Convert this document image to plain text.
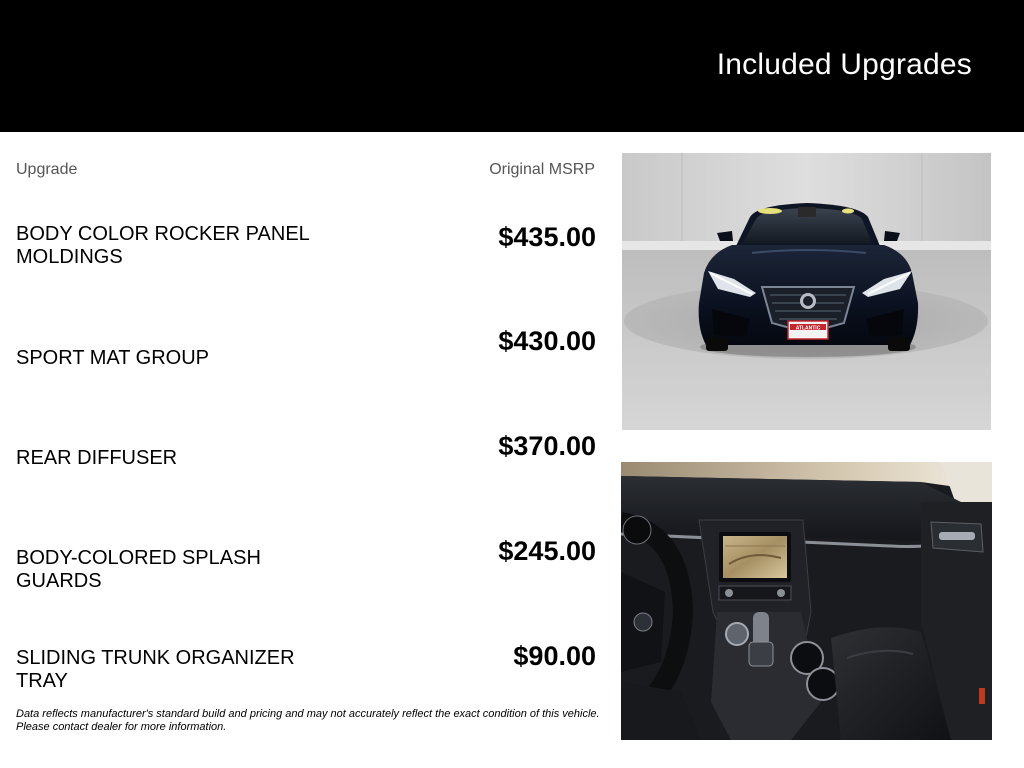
Included Upgrades
Upgrade	Original MSRP
BODY COLOR ROCKER PANEL MOLDINGS
$435.00
SPORT MAT GROUP
$430.00
REAR DIFFUSER	$370.00
BODY-COLORED SPLASH GUARDS
$245.00
SLIDING TRUNK ORGANIZER TRAY
$90.00
Data reflects manufacturer's standard build and pricing and may not accurately reflect the exact condition of this vehicle. Please contact dealer for more information.
ATLANTIC
